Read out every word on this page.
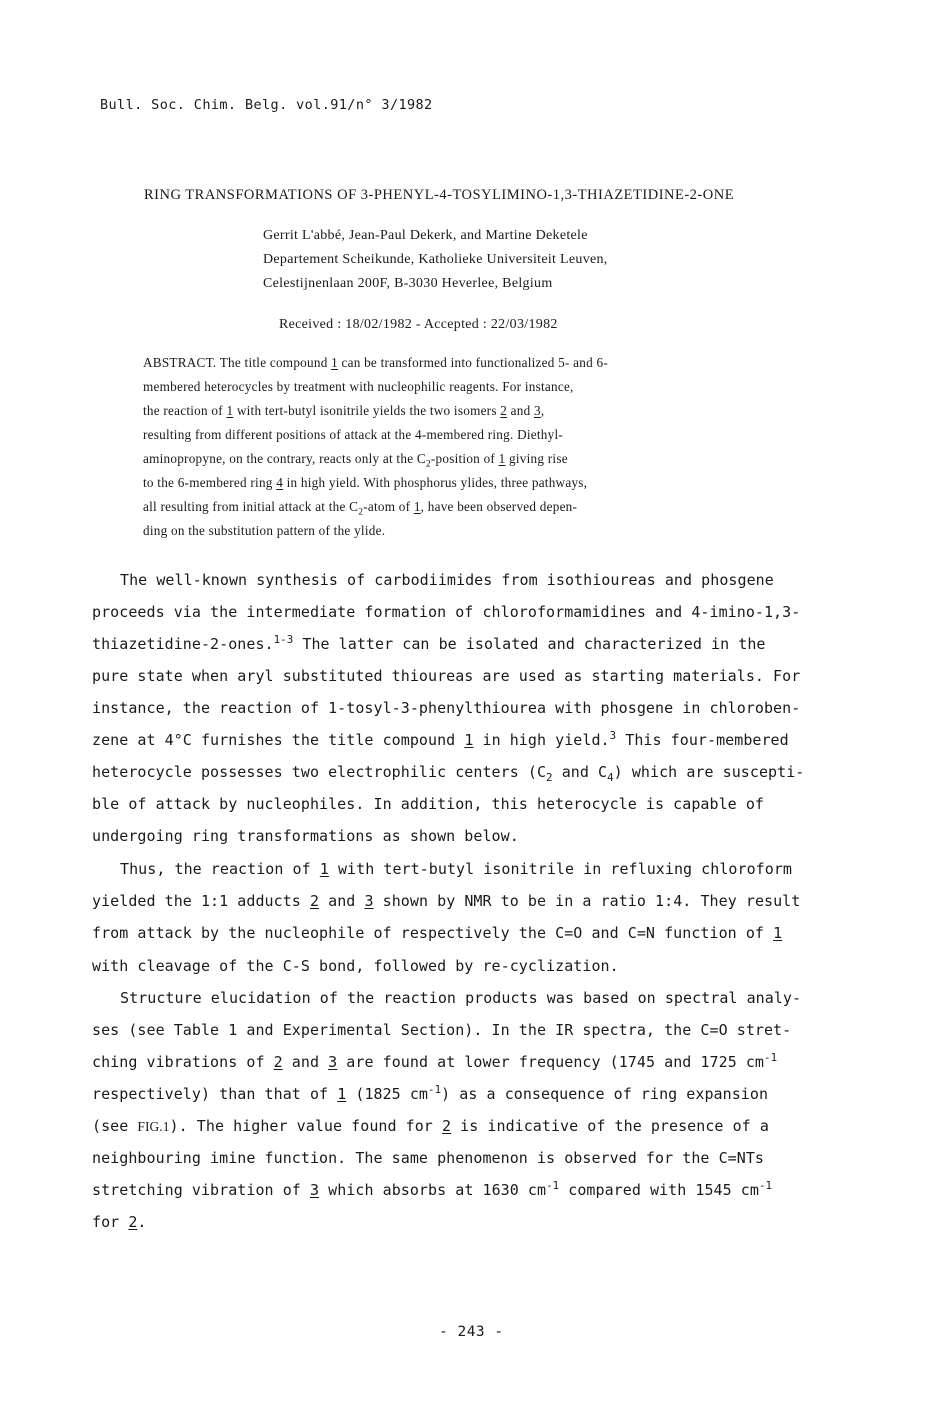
Bull. Soc. Chim. Belg. vol.91/n° 3/1982
RING TRANSFORMATIONS OF 3-PHENYL-4-TOSYLIMINO-1,3-THIAZETIDINE-2-ONE
Gerrit L'abbé, Jean-Paul Dekerk, and Martine Deketele
Departement Scheikunde, Katholieke Universiteit Leuven,
Celestijnenlaan 200F, B-3030 Heverlee, Belgium
Received : 18/02/1982 - Accepted : 22/03/1982
ABSTRACT. The title compound 1 can be transformed into functionalized 5- and 6-
membered heterocycles by treatment with nucleophilic reagents. For instance,
the reaction of 1 with tert-butyl isonitrile yields the two isomers 2 and 3,
resulting from different positions of attack at the 4-membered ring. Diethyl-
aminopropyne, on the contrary, reacts only at the $C_2$-position of 1 giving rise
to the 6-membered ring 4 in high yield. With phosphorus ylides, three pathways,
all resulting from initial attack at the $C_2$-atom of 1, have been observed depen-
ding on the substitution pattern of the ylide.
The well-known synthesis of carbodiimides from isothioureas and phosgene
proceeds via the intermediate formation of chloroformamidines and 4-imino-1,3-
thiazetidine-2-ones.$^{1-3}$ The latter can be isolated and characterized in the
pure state when aryl substituted thioureas are used as starting materials. For
instance, the reaction of 1-tosyl-3-phenylthiourea with phosgene in chloroben-
zene at 4°C furnishes the title compound 1 in high yield.$^3$ This four-membered
heterocycle possesses two electrophilic centers ($C_2$ and $C_4$) which are suscepti-
ble of attack by nucleophiles. In addition, this heterocycle is capable of
undergoing ring transformations as shown below.
Thus, the reaction of 1 with tert-butyl isonitrile in refluxing chloroform
yielded the 1:1 adducts 2 and 3 shown by NMR to be in a ratio 1:4. They result
from attack by the nucleophile of respectively the C=O and C=N function of 1
with cleavage of the C-S bond, followed by re-cyclization.
Structure elucidation of the reaction products was based on spectral analy-
ses (see Table 1 and Experimental Section). In the IR spectra, the C=O stret-
ching vibrations of 2 and 3 are found at lower frequency (1745 and 1725 $cm^{-1}$
respectively) than that of 1 (1825 $cm^{-1}$) as a consequence of ring expansion
(see FIG.1). The higher value found for 2 is indicative of the presence of a
neighbouring imine function. The same phenomenon is observed for the C=NTs
stretching vibration of 3 which absorbs at 1630 $cm^{-1}$ compared with 1545 $cm^{-1}$
for 2.
- 243 -
